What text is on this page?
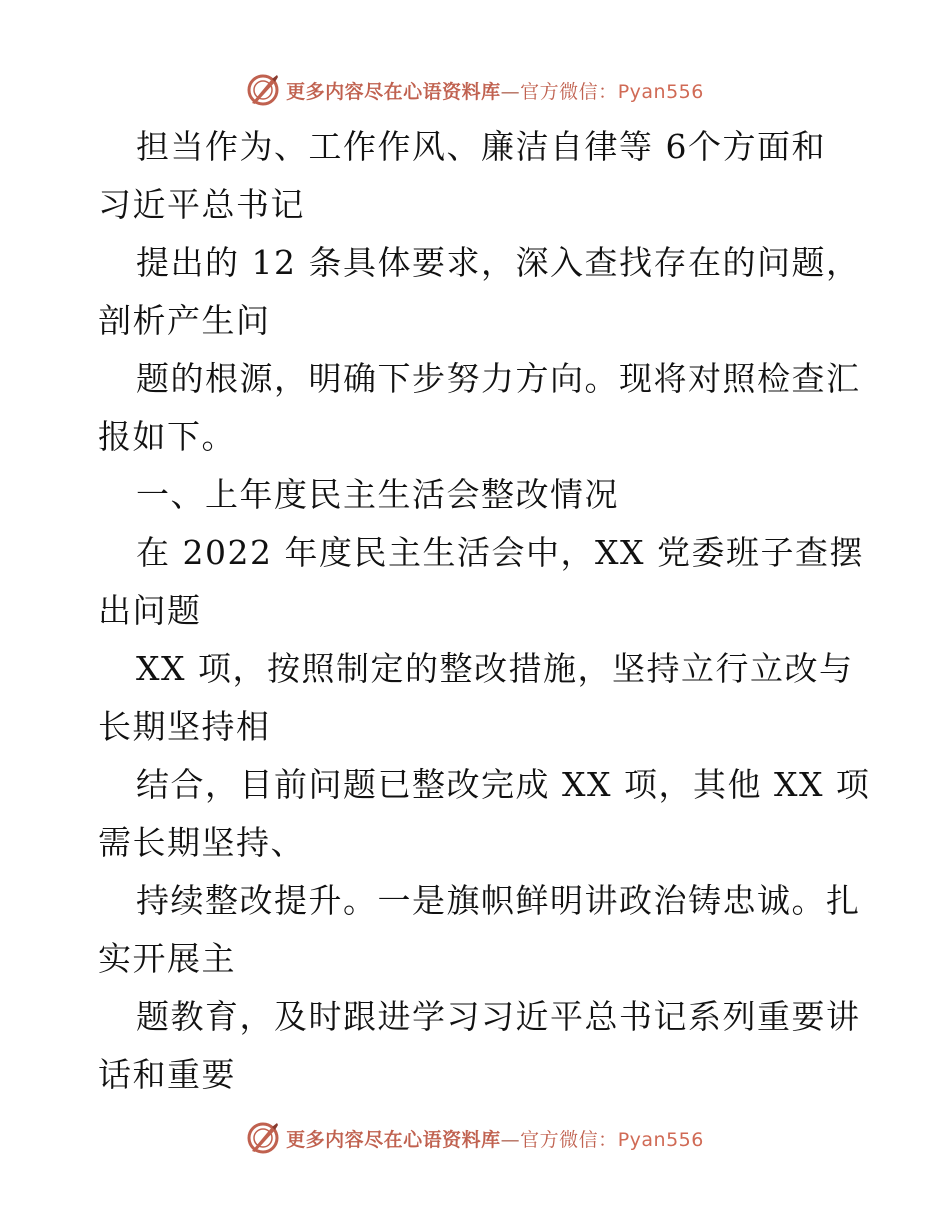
更多内容尽在心语资料库—官方微信：Pyan556
担当作为、工作作风、廉洁自律等 6个方面和
习近平总书记
提出的 12 条具体要求，深入查找存在的问题，
剖析产生问
题的根源，明确下步努力方向。现将对照检查汇
报如下。
一、上年度民主生活会整改情况
在 2022 年度民主生活会中，XX 党委班子查摆
出问题
XX 项，按照制定的整改措施，坚持立行立改与
长期坚持相
结合，目前问题已整改完成 XX 项，其他 XX 项
需长期坚持、
持续整改提升。一是旗帜鲜明讲政治铸忠诚。扎
实开展主
题教育，及时跟进学习习近平总书记系列重要讲
话和重要
更多内容尽在心语资料库—官方微信：Pyan556
